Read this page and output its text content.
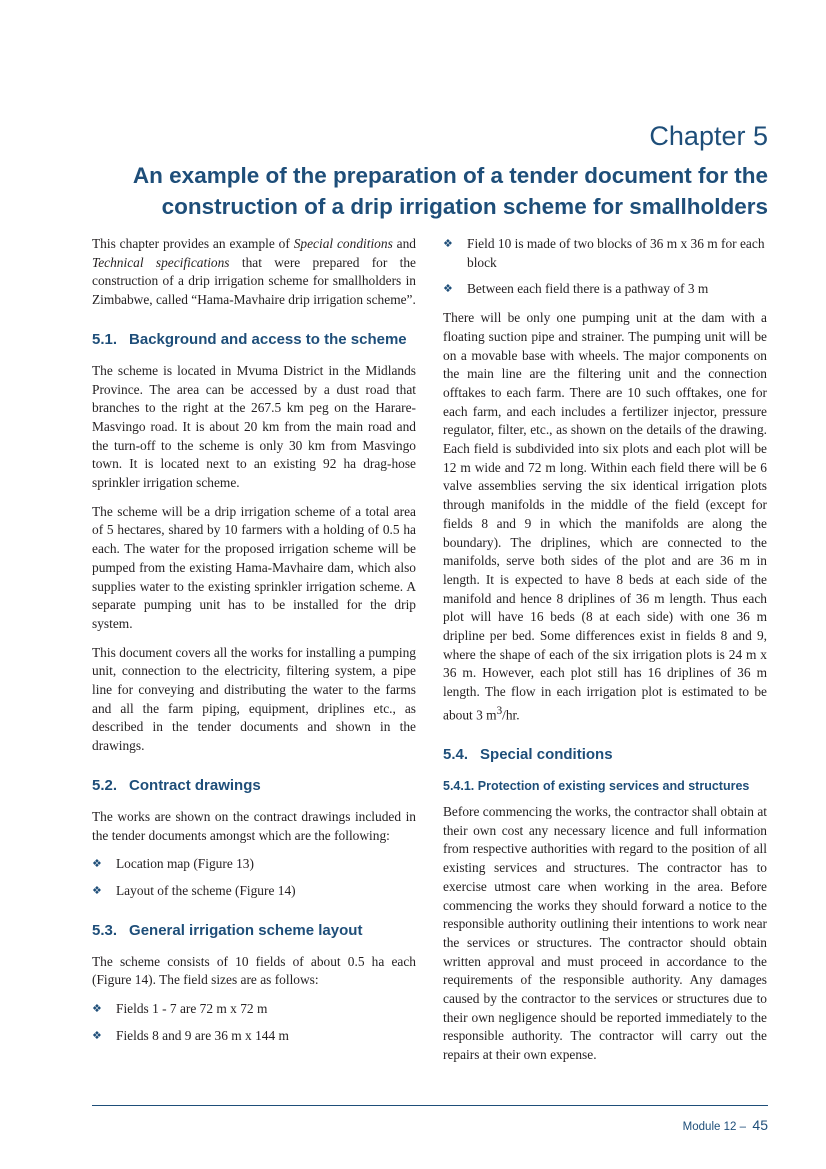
Chapter 5
An example of the preparation of a tender document for the construction of a drip irrigation scheme for smallholders

This chapter provides an example of Special conditions and Technical specifications that were prepared for the construction of a drip irrigation scheme for smallholders in Zimbabwe, called “Hama-Mavhaire drip irrigation scheme”.

5.1. Background and access to the scheme

The scheme is located in Mvuma District in the Midlands Province. The area can be accessed by a dust road that branches to the right at the 267.5 km peg on the Harare-Masvingo road. It is about 20 km from the main road and the turn-off to the scheme is only 30 km from Masvingo town. It is located next to an existing 92 ha drag-hose sprinkler irrigation scheme.

The scheme will be a drip irrigation scheme of a total area of 5 hectares, shared by 10 farmers with a holding of 0.5 ha each. The water for the proposed irrigation scheme will be pumped from the existing Hama-Mavhaire dam, which also supplies water to the existing sprinkler irrigation scheme. A separate pumping unit has to be installed for the drip system.

This document covers all the works for installing a pumping unit, connection to the electricity, filtering system, a pipe line for conveying and distributing the water to the farms and all the farm piping, equipment, driplines etc., as described in the tender documents and shown in the drawings.

5.2. Contract drawings

The works are shown on the contract drawings included in the tender documents amongst which are the following:

❖ Location map (Figure 13)
❖ Layout of the scheme (Figure 14)
5.3. General irrigation scheme layout

The scheme consists of 10 fields of about 0.5 ha each (Figure 14). The field sizes are as follows:

❖ Fields 1 - 7 are 72 m x 72 m
❖ Fields 8 and 9 are 36 m x 144 m
❖ Field 10 is made of two blocks of 36 m x 36 m for each block
❖ Between each field there is a pathway of 3 m

There will be only one pumping unit at the dam with a floating suction pipe and strainer. The pumping unit will be on a movable base with wheels. The major components on the main line are the filtering unit and the connection offtakes to each farm. There are 10 such offtakes, one for each farm, and each includes a fertilizer injector, pressure regulator, filter, etc., as shown on the details of the drawing. Each field is subdivided into six plots and each plot will be 12 m wide and 72 m long. Within each field there will be 6 valve assemblies serving the six identical irrigation plots through manifolds in the middle of the field (except for fields 8 and 9 in which the manifolds are along the boundary). The driplines, which are connected to the manifolds, serve both sides of the plot and are 36 m in length. It is expected to have 8 beds at each side of the manifold and hence 8 driplines of 36 m length. Thus each plot will have 16 beds (8 at each side) with one 36 m dripline per bed. Some differences exist in fields 8 and 9, where the shape of each of the six irrigation plots is 24 m x 36 m. However, each plot still has 16 driplines of 36 m length. The flow in each irrigation plot is estimated to be about 3 $m^3/hr$.

5.4. Special conditions
5.4.1. Protection of existing services and structures

Before commencing the works, the contractor shall obtain at their own cost any necessary licence and full information from respective authorities with regard to the position of all existing services and structures. The contractor has to exercise utmost care when working in the area. Before commencing the works they should forward a notice to the responsible authority outlining their intentions to work near the services or structures. The contractor should obtain written approval and must proceed in accordance to the requirements of the responsible authority. Any damages caused by the contractor to the services or structures due to their own negligence should be reported immediately to the responsible authority. The contractor will carry out the repairs at their own expense.

Module 12 – 45
